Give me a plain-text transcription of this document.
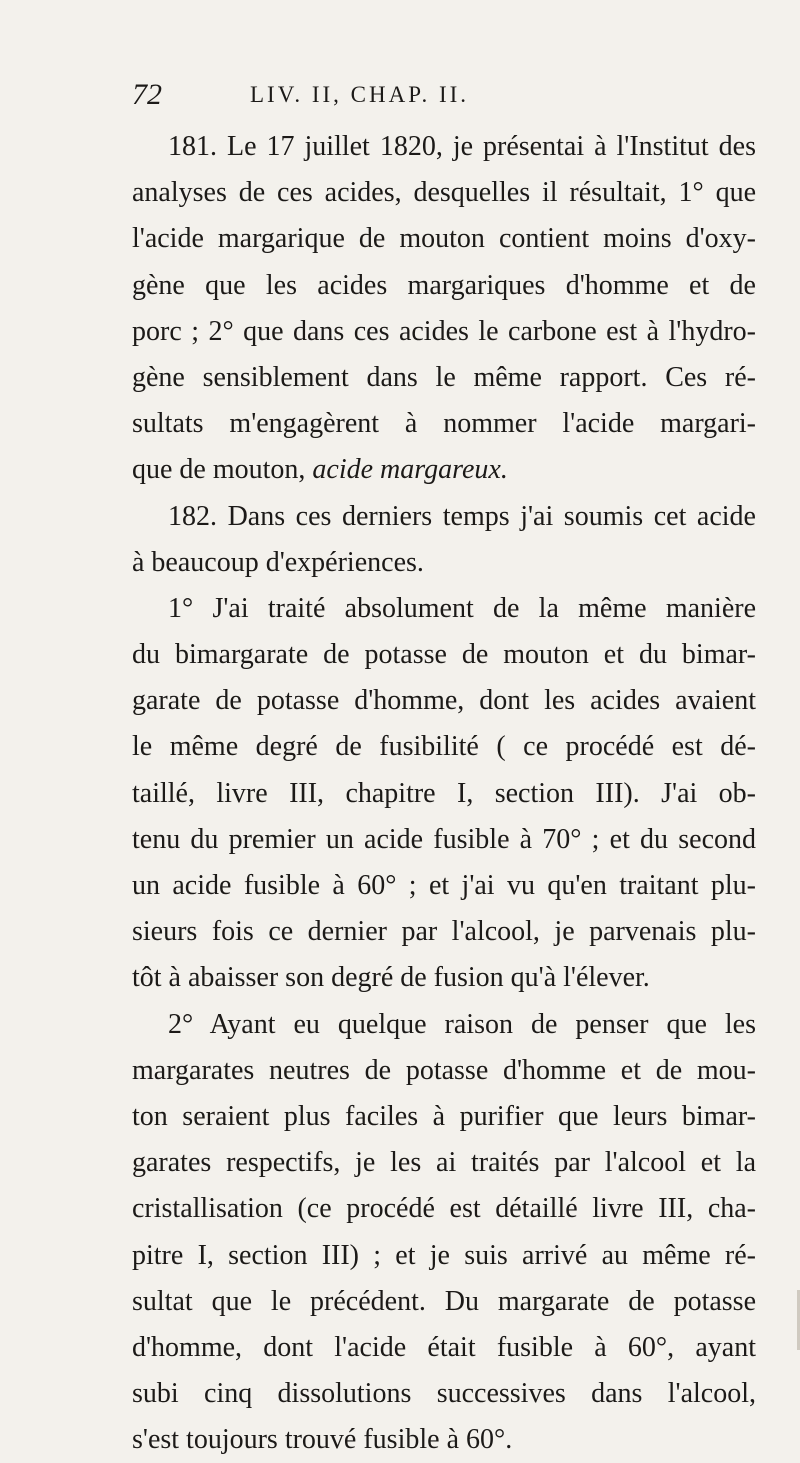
72	LIV. II, CHAP. II.
181. Le 17 juillet 1820, je présentai à l'Institut des
analyses de ces acides, desquelles il résultait, 1° que
l'acide margarique de mouton contient moins d'oxy-
gène que les acides margariques d'homme et de
porc ; 2° que dans ces acides le carbone est à l'hydro-
gène sensiblement dans le même rapport. Ces ré-
sultats m'engagèrent à nommer l'acide margari-
que de mouton, acide margareux.
182. Dans ces derniers temps j'ai soumis cet acide
à beaucoup d'expériences.
1° J'ai traité absolument de la même manière
du bimargarate de potasse de mouton et du bimar-
garate de potasse d'homme, dont les acides avaient
le même degré de fusibilité ( ce procédé est dé-
taillé, livre III, chapitre I, section III). J'ai ob-
tenu du premier un acide fusible à 70° ; et du second
un acide fusible à 60° ; et j'ai vu qu'en traitant plu-
sieurs fois ce dernier par l'alcool, je parvenais plu-
tôt à abaisser son degré de fusion qu'à l'élever.
2° Ayant eu quelque raison de penser que les
margarates neutres de potasse d'homme et de mou-
ton seraient plus faciles à purifier que leurs bimar-
garates respectifs, je les ai traités par l'alcool et la
cristallisation (ce procédé est détaillé livre III, cha-
pitre I, section III) ; et je suis arrivé au même ré-
sultat que le précédent. Du margarate de potasse
d'homme, dont l'acide était fusible à 60°, ayant
subi cinq dissolutions successives dans l'alcool,
s'est toujours trouvé fusible à 60°.
